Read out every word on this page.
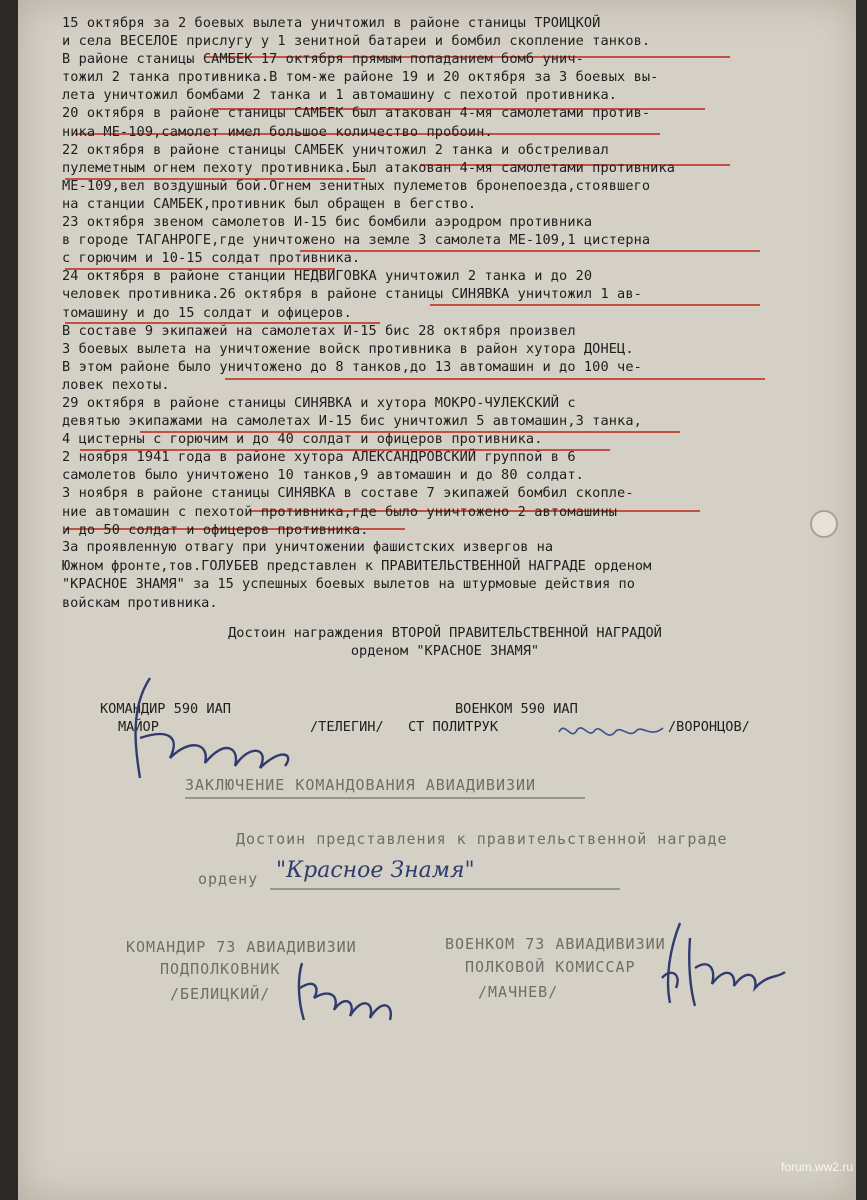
15 октября за 2 боевых вылета уничтожил в районе станицы ТРОИЦКОЙ
и села ВЕСЕЛОЕ прислугу у 1 зенитной батареи и бомбил скопление танков.
В районе станицы САМБЕК 17 октября прямым попаданием бомб унич-
тожил 2 танка противника.В том-же районе 19 и 20 октября за 3 боевых вы-
лета уничтожил бомбами 2 танка и 1 автомашину с пехотой противника.
20 октября в районе станицы САМБЕК был атакован 4-мя самолетами против-
ника МЕ-109,самолет имел большое количество пробоин.

22 октября в районе станицы САМБЕК уничтожил 2 танка и обстреливал
пулеметным огнем пехоту противника.Был атакован 4-мя самолетами противника
МЕ-109,вел воздушный бой.Огнем зенитных пулеметов бронепоезда,стоявшего
на станции САМБЕК,противник был обращен в бегство.

23 октября звеном самолетов И-15 бис бомбили аэродром противника
в городе ТАГАНРОГЕ,где уничтожено на земле 3 самолета МЕ-109,1 цистерна
с горючим и 10-15 солдат противника.

24 октября в районе станции НЕДВИГОВКА уничтожил 2 танка и до 20
человек противника.26 октября в районе станицы СИНЯВКА уничтожил 1 ав-
томашину и до 15 солдат и офицеров.

В составе 9 экипажей на самолетах И-15 бис 28 октября произвел
3 боевых вылета на уничтожение войск противника в район хутора ДОНЕЦ.
В этом районе было уничтожено до 8 танков,до 13 автомашин и до 100 че-
ловек пехоты.

29 октября в районе станицы СИНЯВКА и хутора МОКРО-ЧУЛЕКСКИЙ с
девятью экипажами на самолетах И-15 бис уничтожил 5 автомашин,3 танка,
4 цистерны с горючим и до 40 солдат и офицеров противника.

2 ноября 1941 года в районе хутора АЛЕКСАНДРОВСКИЙ группой в 6
самолетов было уничтожено 10 танков,9 автомашин и до 80 солдат.
3 ноября в районе станицы СИНЯВКА в составе 7 экипажей бомбил скопле-
ние автомашин с пехотой противника,где было уничтожено 2 автомашины
и до 50 солдат и офицеров противника.

За проявленную отвагу при уничтожении фашистских извергов на
Южном фронте,тов.ГОЛУБЕВ представлен к ПРАВИТЕЛЬСТВЕННОЙ НАГРАДЕ орденом
"КРАСНОЕ ЗНАМЯ" за 15 успешных боевых вылетов на штурмовые действия по
войскам противника.
Достоин награждения ВТОРОЙ ПРАВИТЕЛЬСТВЕННОЙ НАГРАДОЙ
орденом "КРАСНОЕ ЗНАМЯ"
КОМАНДИР 590 ИАП
МАЙОР	/ТЕЛЕГИН/
ВОЕНКОМ 590 ИАП
СТ ПОЛИТРУК	/ВОРОНЦОВ/
ЗАКЛЮЧЕНИЕ КОМАНДОВАНИЯ АВИАДИВИЗИИ
Достоин представления к правительственной награде
ордену "Красное Знамя"
КОМАНДИР 73 АВИАДИВИЗИИ
ПОДПОЛКОВНИК
/БЕЛИЦКИЙ/
ВОЕНКОМ 73 АВИАДИВИЗИИ
ПОЛКОВОЙ КОМИССАР
/МАЧНЕВ/
forum.ww2.ru
